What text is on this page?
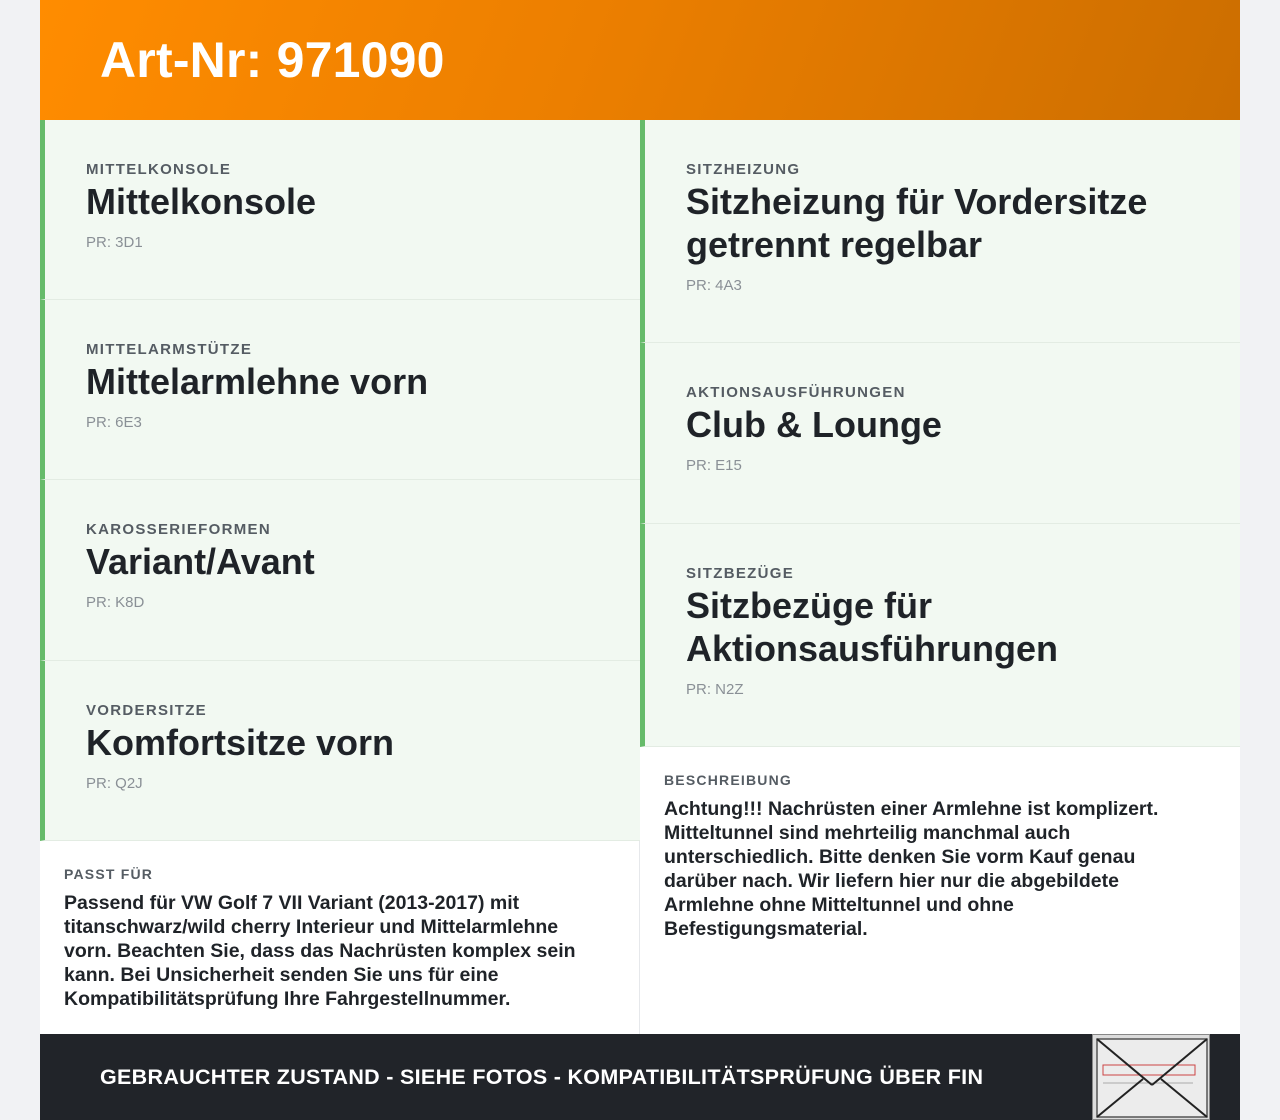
Art-Nr: 971090
MITTELKONSOLE
Mittelkonsole
PR: 3D1
MITTELARMSTÜTZE
Mittelarmlehne vorn
PR: 6E3
KAROSSERIEFORMEN
Variant/Avant
PR: K8D
VORDERSITZE
Komfortsitze vorn
PR: Q2J
PASST FÜR
Passend für VW Golf 7 VII Variant (2013-2017) mit titanschwarz/wild cherry Interieur und Mittelarmlehne vorn. Beachten Sie, dass das Nachrüsten komplex sein kann. Bei Unsicherheit senden Sie uns für eine Kompatibilitätsprüfung Ihre Fahrgestellnummer.
SITZHEIZUNG
Sitzheizung für Vordersitze getrennt regelbar
PR: 4A3
AKTIONSAUSFÜHRUNGEN
Club & Lounge
PR: E15
SITZBEZÜGE
Sitzbezüge für Aktionsausführungen
PR: N2Z
BESCHREIBUNG
Achtung!!! Nachrüsten einer Armlehne ist komplizert. Mitteltunnel sind mehrteilig manchmal auch unterschiedlich. Bitte denken Sie vorm Kauf genau darüber nach. Wir liefern hier nur die abgebildete Armlehne ohne Mitteltunnel und ohne Befestigungsmaterial.
GEBRAUCHTER ZUSTAND - SIEHE FOTOS - KOMPATIBILITÄTSPRÜFUNG ÜBER FIN
